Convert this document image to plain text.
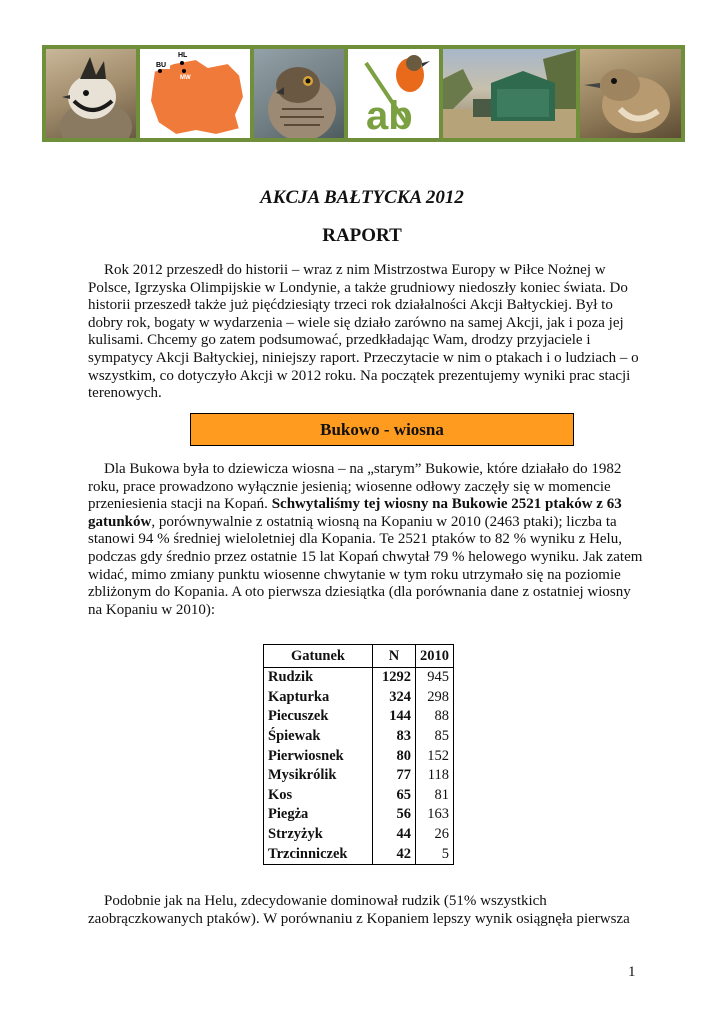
BU
HL
MW
ab
AKCJA BAŁTYCKA 2012
RAPORT

Rok 2012 przeszedł do historii – wraz z nim Mistrzostwa Europy w Piłce Nożnej w Polsce, Igrzyska Olimpijskie w Londynie, a także grudniowy niedoszły koniec świata. Do historii przeszedł także już pięćdziesiąty trzeci rok działalności Akcji Bałtyckiej. Był to dobry rok, bogaty w wydarzenia – wiele się działo zarówno na samej Akcji, jak i poza jej kulisami. Chcemy go zatem podsumować, przedkładając Wam, drodzy przyjaciele i sympatycy Akcji Bałtyckiej, niniejszy raport. Przeczytacie w nim o ptakach i o ludziach – o wszystkim, co dotyczyło Akcji w 2012 roku. Na początek prezentujemy wyniki prac stacji terenowych.

Bukowo - wiosna

Dla Bukowa była to dziewicza wiosna – na „starym” Bukowie, które działało do 1982 roku, prace prowadzono wyłącznie jesienią; wiosenne odłowy zaczęły się w momencie przeniesienia stacji na Kopań. Schwytaliśmy tej wiosny na Bukowie 2521 ptaków z 63 gatunków, porównywalnie z ostatnią wiosną na Kopaniu w 2010 (2463 ptaki); liczba ta stanowi 94 % średniej wieloletniej dla Kopania. Te 2521 ptaków to 82 % wyniku z Helu, podczas gdy średnio przez ostatnie 15 lat Kopań chwytał 79 % helowego wyniku. Jak zatem widać, mimo zmiany punktu wiosenne chwytanie w tym roku utrzymało się na poziomie zbliżonym do Kopania. A oto pierwsza dziesiątka (dla porównania dane z ostatniej wiosny na Kopaniu w 2010):

Gatunek	N	2010
Rudzik	1292	945
Kapturka	324	298
Piecuszek	144	88
Śpiewak	83	85
Pierwiosnek	80	152
Mysikrólik	77	118
Kos	65	81
Piegża	56	163
Strzyżyk	44	26
Trzcinniczek	42	5

Podobnie jak na Helu, zdecydowanie dominował rudzik (51% wszystkich zaobrączkowanych ptaków). W porównaniu z Kopaniem lepszy wynik osiągnęła pierwsza

1
